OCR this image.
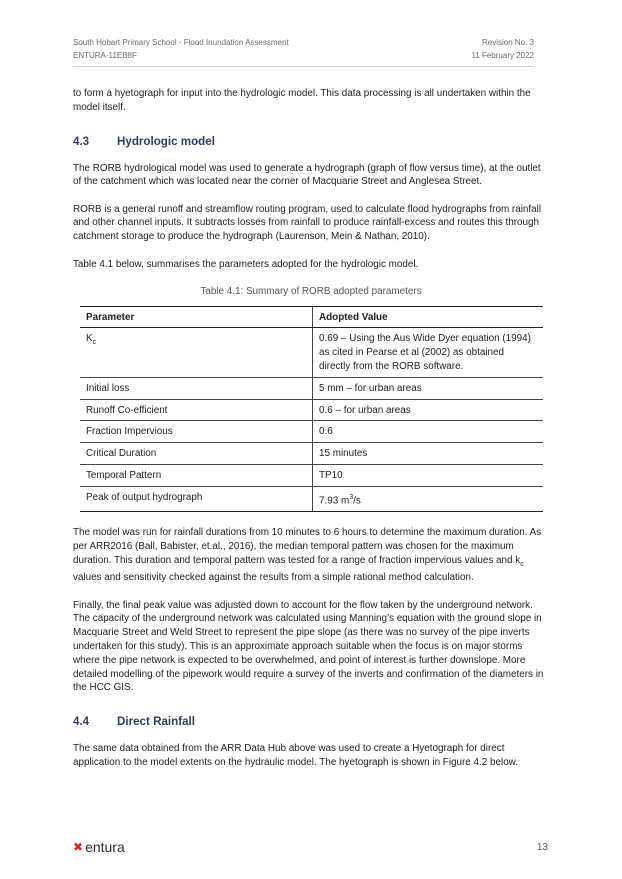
South Hobart Primary School - Flood Inundation Assessment
ENTURA-11EB8F
Revision No: 3
11 February 2022

to form a hyetograph for input into the hydrologic model. This data processing is all undertaken within the model itself.

4.3 Hydrologic model

The RORB hydrological model was used to generate a hydrograph (graph of flow versus time), at the outlet of the catchment which was located near the corner of Macquarie Street and Anglesea Street.

RORB is a general runoff and streamflow routing program, used to calculate flood hydrographs from rainfall and other channel inputs. It subtracts losses from rainfall to produce rainfall-excess and routes this through catchment storage to produce the hydrograph (Laurenson, Mein & Nathan, 2010).

Table 4.1 below, summarises the parameters adopted for the hydrologic model.

Table 4.1: Summary of RORB adopted parameters
Parameter	Adopted Value
$K_c$	0.69 – Using the Aus Wide Dyer equation (1994) as cited in Pearse et al (2002) as obtained directly from the RORB software.
Initial loss	5 mm – for urban areas
Runoff Co-efficient	0.6 – for urban areas
Fraction Impervious	0.6
Critical Duration	15 minutes
Temporal Pattern	TP10
Peak of output hydrograph	7.93 $m^3/s$

The model was run for rainfall durations from 10 minutes to 6 hours to determine the maximum duration. As per ARR2016 (Ball, Babister, et.al., 2016), the median temporal pattern was chosen for the maximum duration. This duration and temporal pattern was tested for a range of fraction impervious values and $k_c$ values and sensitivity checked against the results from a simple rational method calculation.

Finally, the final peak value was adjusted down to account for the flow taken by the underground network. The capacity of the underground network was calculated using Manning’s equation with the ground slope in Macquarie Street and Weld Street to represent the pipe slope (as there was no survey of the pipe inverts undertaken for this study). This is an approximate approach suitable when the focus is on major storms where the pipe network is expected to be overwhelmed, and point of interest is further downslope. More detailed modelling of the pipework would require a survey of the inverts and confirmation of the diameters in the HCC GIS.

4.4 Direct Rainfall

The same data obtained from the ARR Data Hub above was used to create a Hyetograph for direct application to the model extents on the hydraulic model. The hyetograph is shown in Figure 4.2 below.

✖ entura	13
